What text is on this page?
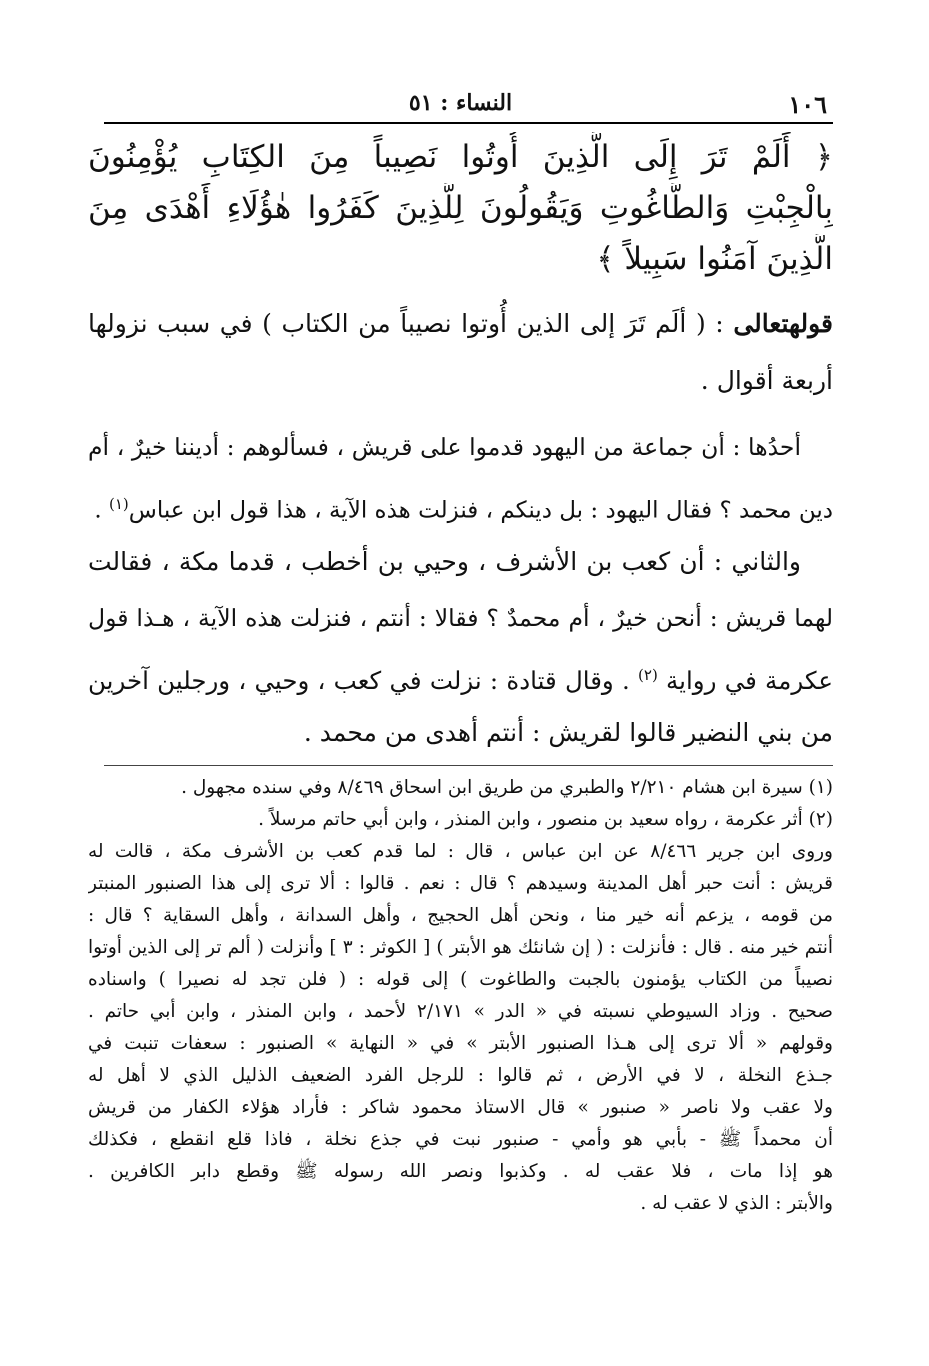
١٠٦
النساء : ٥١
﴿ أَلَمْ تَرَ إِلَى الَّذِينَ أُوتُوا نَصِيباً مِنَ الكِتَابِ يُؤْمِنُونَ
بِالْجِبْتِ وَالطَّاغُوتِ وَيَقُولُونَ لِلَّذِينَ كَفَرُوا هٰؤُلَاءِ أَهْدَى مِنَ
الَّذِينَ آمَنُوا سَبِيلاً ﴾
قولهتعالى : ( ألَم تَرَ إلى الذين أُوتوا نصيباً من الكتاب ) في سبب نزولها
أربعة أقوال .
أحدُها : أن جماعة من اليهود قدموا على قريش ، فسألوهم : أديننا خيرٌ ، أم
دين محمد ؟ فقال اليهود : بل دينكم ، فنزلت هذه الآية ، هذا قول ابن عباس$^{(١)}$ .
والثاني : أن كعب بن الأشرف ، وحيي بن أخطب ، قدما مكة ، فقالت
لهما قريش : أنحن خيرٌ ، أم محمدٌ ؟ فقالا : أنتم ، فنزلت هذه الآية ، هـذا قول
عكرمة في رواية $^{(٢)}$ . وقال قتادة : نزلت في كعب ، وحيي ، ورجلين آخرين
من بني النضير قالوا لقريش : أنتم أهدى من محمد .
(١) سيرة ابن هشام ٢/٢١٠ والطبري من طريق ابن اسحاق ٨/٤٦٩ وفي سنده مجهول .
(٢) أثر عكرمة ، رواه سعيد بن منصور ، وابن المنذر ، وابن أبي حاتم مرسلاً .
وروى ابن جرير ٨/٤٦٦ عن ابن عباس ، قال : لما قدم كعب بن الأشرف مكة ، قالت له
قريش : أنت حبر أهل المدينة وسيدهم ؟ قال : نعم . قالوا : ألا ترى إلى هذا الصنبور المنبتر
من قومه ، يزعم أنه خير منا ، ونحن أهل الحجيج ، وأهل السدانة ، وأهل السقاية ؟ قال :
أنتم خير منه . قال : فأنزلت : ( إن شانئك هو الأبتر ) [ الكوثر : ٣ ] وأنزلت ( ألم تر إلى الذين أوتوا
نصيباً من الكتاب يؤمنون بالجبت والطاغوت ) إلى قوله : ( فلن تجد له نصيرا ) واسناده
صحيح . وزاد السيوطي نسبته في « الدر » ٢/١٧١ لأحمد ، وابن المنذر ، وابن أبي حاتم .
وقولهم « ألا ترى إلى هـذا الصنبور الأبتر » في « النهاية » الصنبور : سعفات تنبت في
جـذع النخلة ، لا في الأرض ، ثم قالوا : للرجل الفرد الضعيف الذليل الذي لا أهل له
ولا عقب ولا ناصر « صنبور » قال الاستاذ محمود شاكر : فأراد هؤلاء الكفار من قريش
أن محمداً ﷺ - بأبي هو وأمي - صنبور نبت في جذع نخلة ، فاذا قلع انقطع ، فكذلك
هو إذا مات ، فلا عقب له . وكذبوا ونصر الله رسوله ﷺ وقطع دابر الكافرين .
والأبتر : الذي لا عقب له .
